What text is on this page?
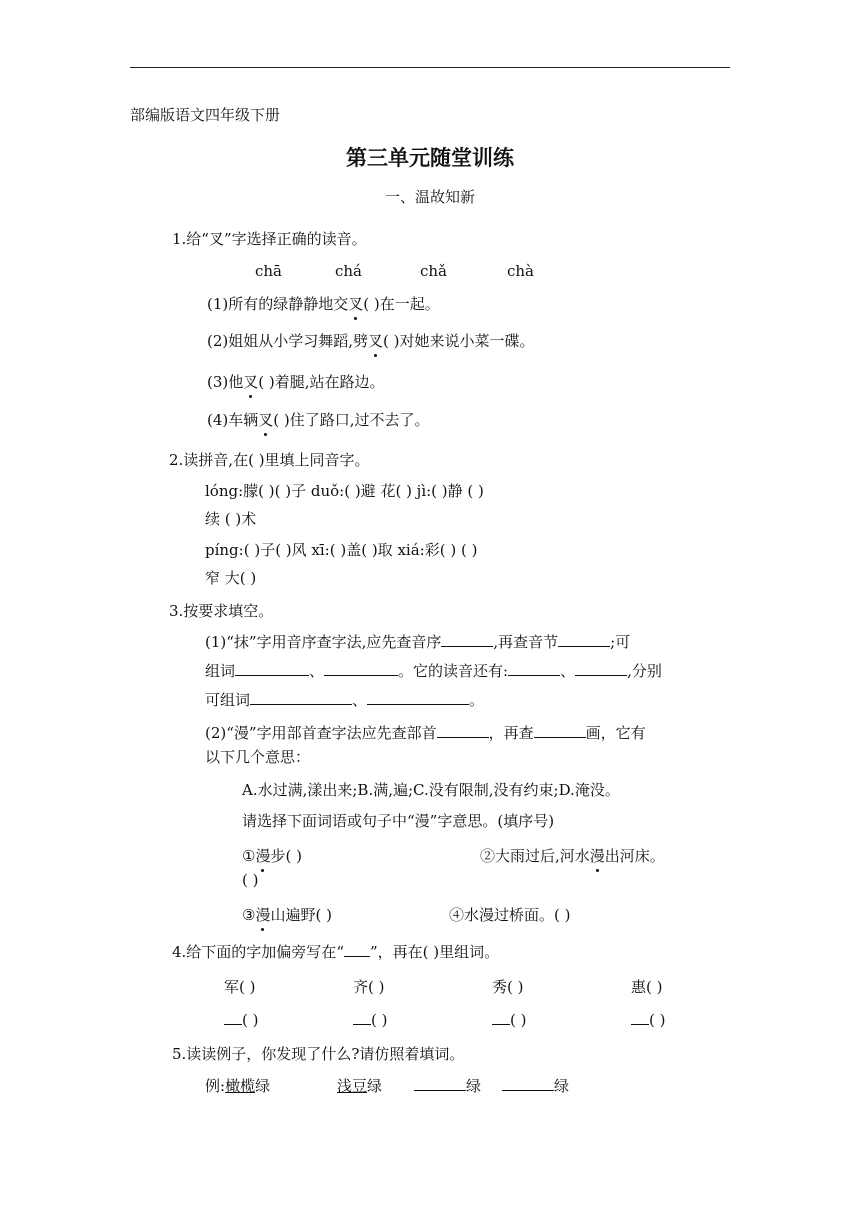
部编版语文四年级下册
第三单元随堂训练
一、温故知新
1.给“叉”字选择正确的读音。
chā	chá	chǎ	chà
(1)所有的绿静静地交叉( )在一起。
(2)姐姐从小学习舞蹈,劈叉( )对她来说小菜一碟。
(3)他叉( )着腿,站在路边。
(4)车辆叉( )住了路口,过不去了。
2.读拼音,在( )里填上同音字。
lóng:朦( )( )子 duǒ:( )避 花( ) jì:( )静 ( )
续 ( )术
píng:( )子( )风 xī:( )盖( )取 xiá:彩( ) ( )
窄 大( )
3.按要求填空。
(1)“抹”字用音序查字法,应先查音序	,再查音节	;可
组词	、	。它的读音还有:	、	,分别
可组词	、	。
(2)“漫”字用部首查字法应先查部首	，再查	画，它有
以下几个意思：
A.水过满,漾出来;B.满,遍;C.没有限制,没有约束;D.淹没。
请选择下面词语或句子中“漫”字意思。(填序号)
①漫步( )	②大雨过后,河水漫出河床。
( )
③漫山遍野( )	④水漫过桥面。( )
4.给下面的字加偏旁写在“ ”，再在( )里组词。
军( )	齐( )	秀( )	惠( )
( )	( )	( )	( )
5.读读例子，你发现了什么?请仿照着填词。
例:橄榄绿	浅豆绿	绿	绿
